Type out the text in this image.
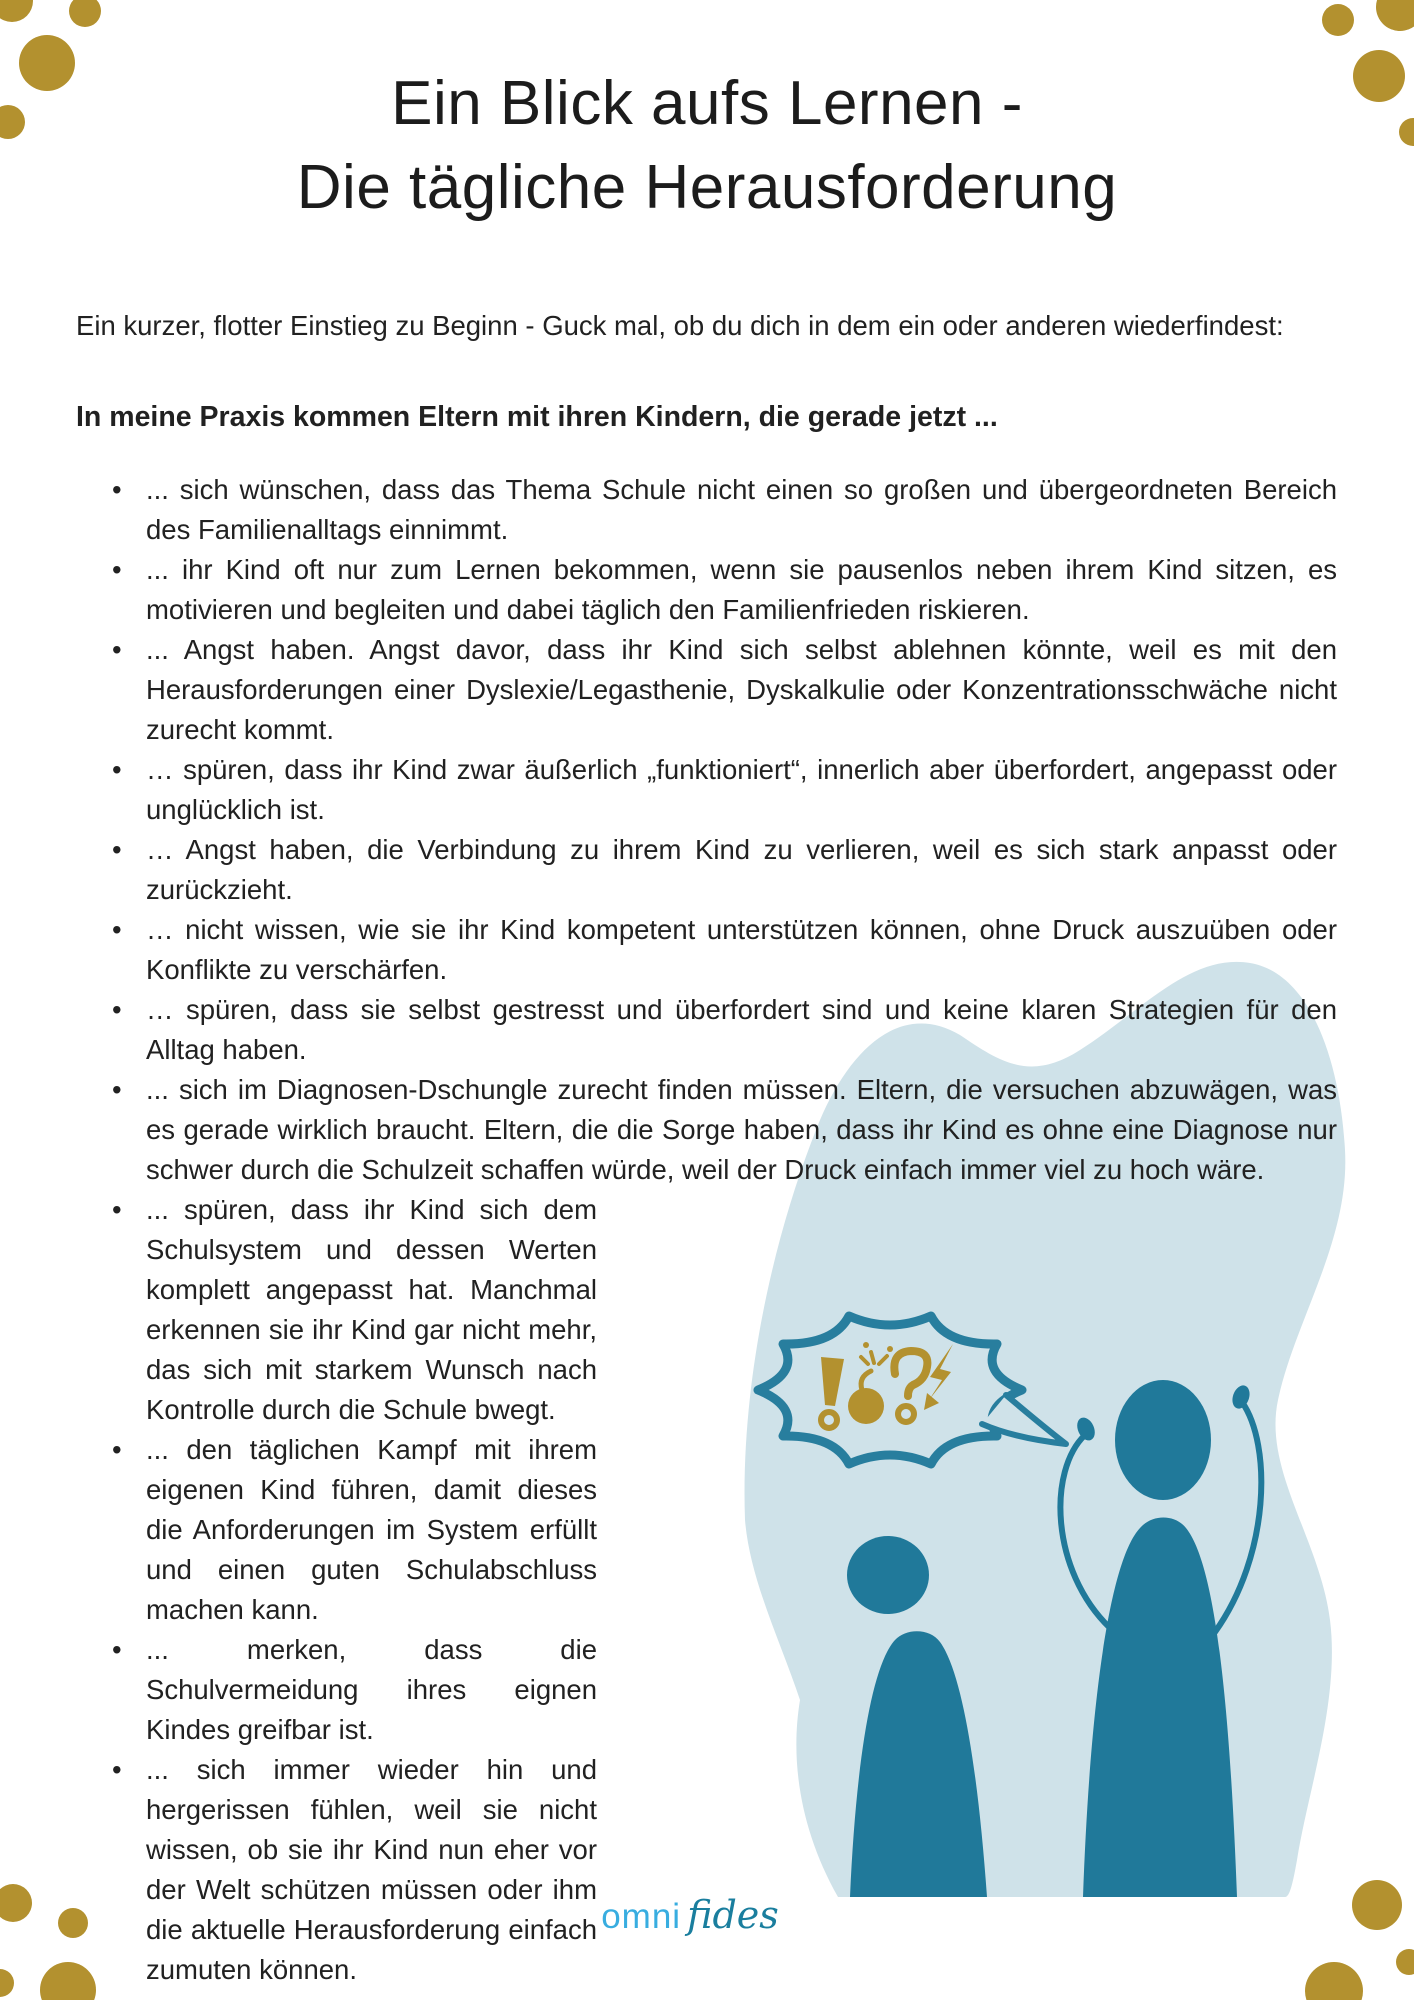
Ein Blick aufs Lernen -
Die tägliche Herausforderung

Ein kurzer, flotter Einstieg zu Beginn - Guck mal, ob du dich in dem ein oder anderen wiederfindest:

In meine Praxis kommen Eltern mit ihren Kindern, die gerade jetzt ...
• ... sich wünschen, dass das Thema Schule nicht einen so großen und übergeordneten Bereich des Familienalltags einnimmt.
• ... ihr Kind oft nur zum Lernen bekommen, wenn sie pausenlos neben ihrem Kind sitzen, es motivieren und begleiten und dabei täglich den Familienfrieden riskieren.
• ... Angst haben. Angst davor, dass ihr Kind sich selbst ablehnen könnte, weil es mit den Herausforderungen einer Dyslexie/Legasthenie, Dyskalkulie oder Konzentrationsschwäche nicht zurecht kommt.
• … spüren, dass ihr Kind zwar äußerlich „funktioniert“, innerlich aber überfordert, angepasst oder unglücklich ist.
• … Angst haben, die Verbindung zu ihrem Kind zu verlieren, weil es sich stark anpasst oder zurückzieht.
• … nicht wissen, wie sie ihr Kind kompetent unterstützen können, ohne Druck auszuüben oder Konflikte zu verschärfen.
• … spüren, dass sie selbst gestresst und überfordert sind und keine klaren Strategien für den Alltag haben.
• ... sich im Diagnosen-Dschungle zurecht finden müssen. Eltern, die versuchen abzuwägen, was es gerade wirklich braucht. Eltern, die die Sorge haben, dass ihr Kind es ohne eine Diagnose nur schwer durch die Schulzeit schaffen würde, weil der Druck einfach immer viel zu hoch wäre.
• ... spüren, dass ihr Kind sich dem Schulsystem und dessen Werten komplett angepasst hat. Manchmal erkennen sie ihr Kind gar nicht mehr, das sich mit starkem Wunsch nach Kontrolle durch die Schule bwegt.
• ... den täglichen Kampf mit ihrem eigenen Kind führen, damit dieses die Anforderungen im System erfüllt und einen guten Schulabschluss machen kann.
• ... merken, dass die Schulvermeidung ihres eignen Kindes greifbar ist.
• ... sich immer wieder hin und hergerissen fühlen, weil sie nicht wissen, ob sie ihr Kind nun eher vor der Welt schützen müssen oder ihm die aktuelle Herausforderung einfach zumuten können.
omni fides
